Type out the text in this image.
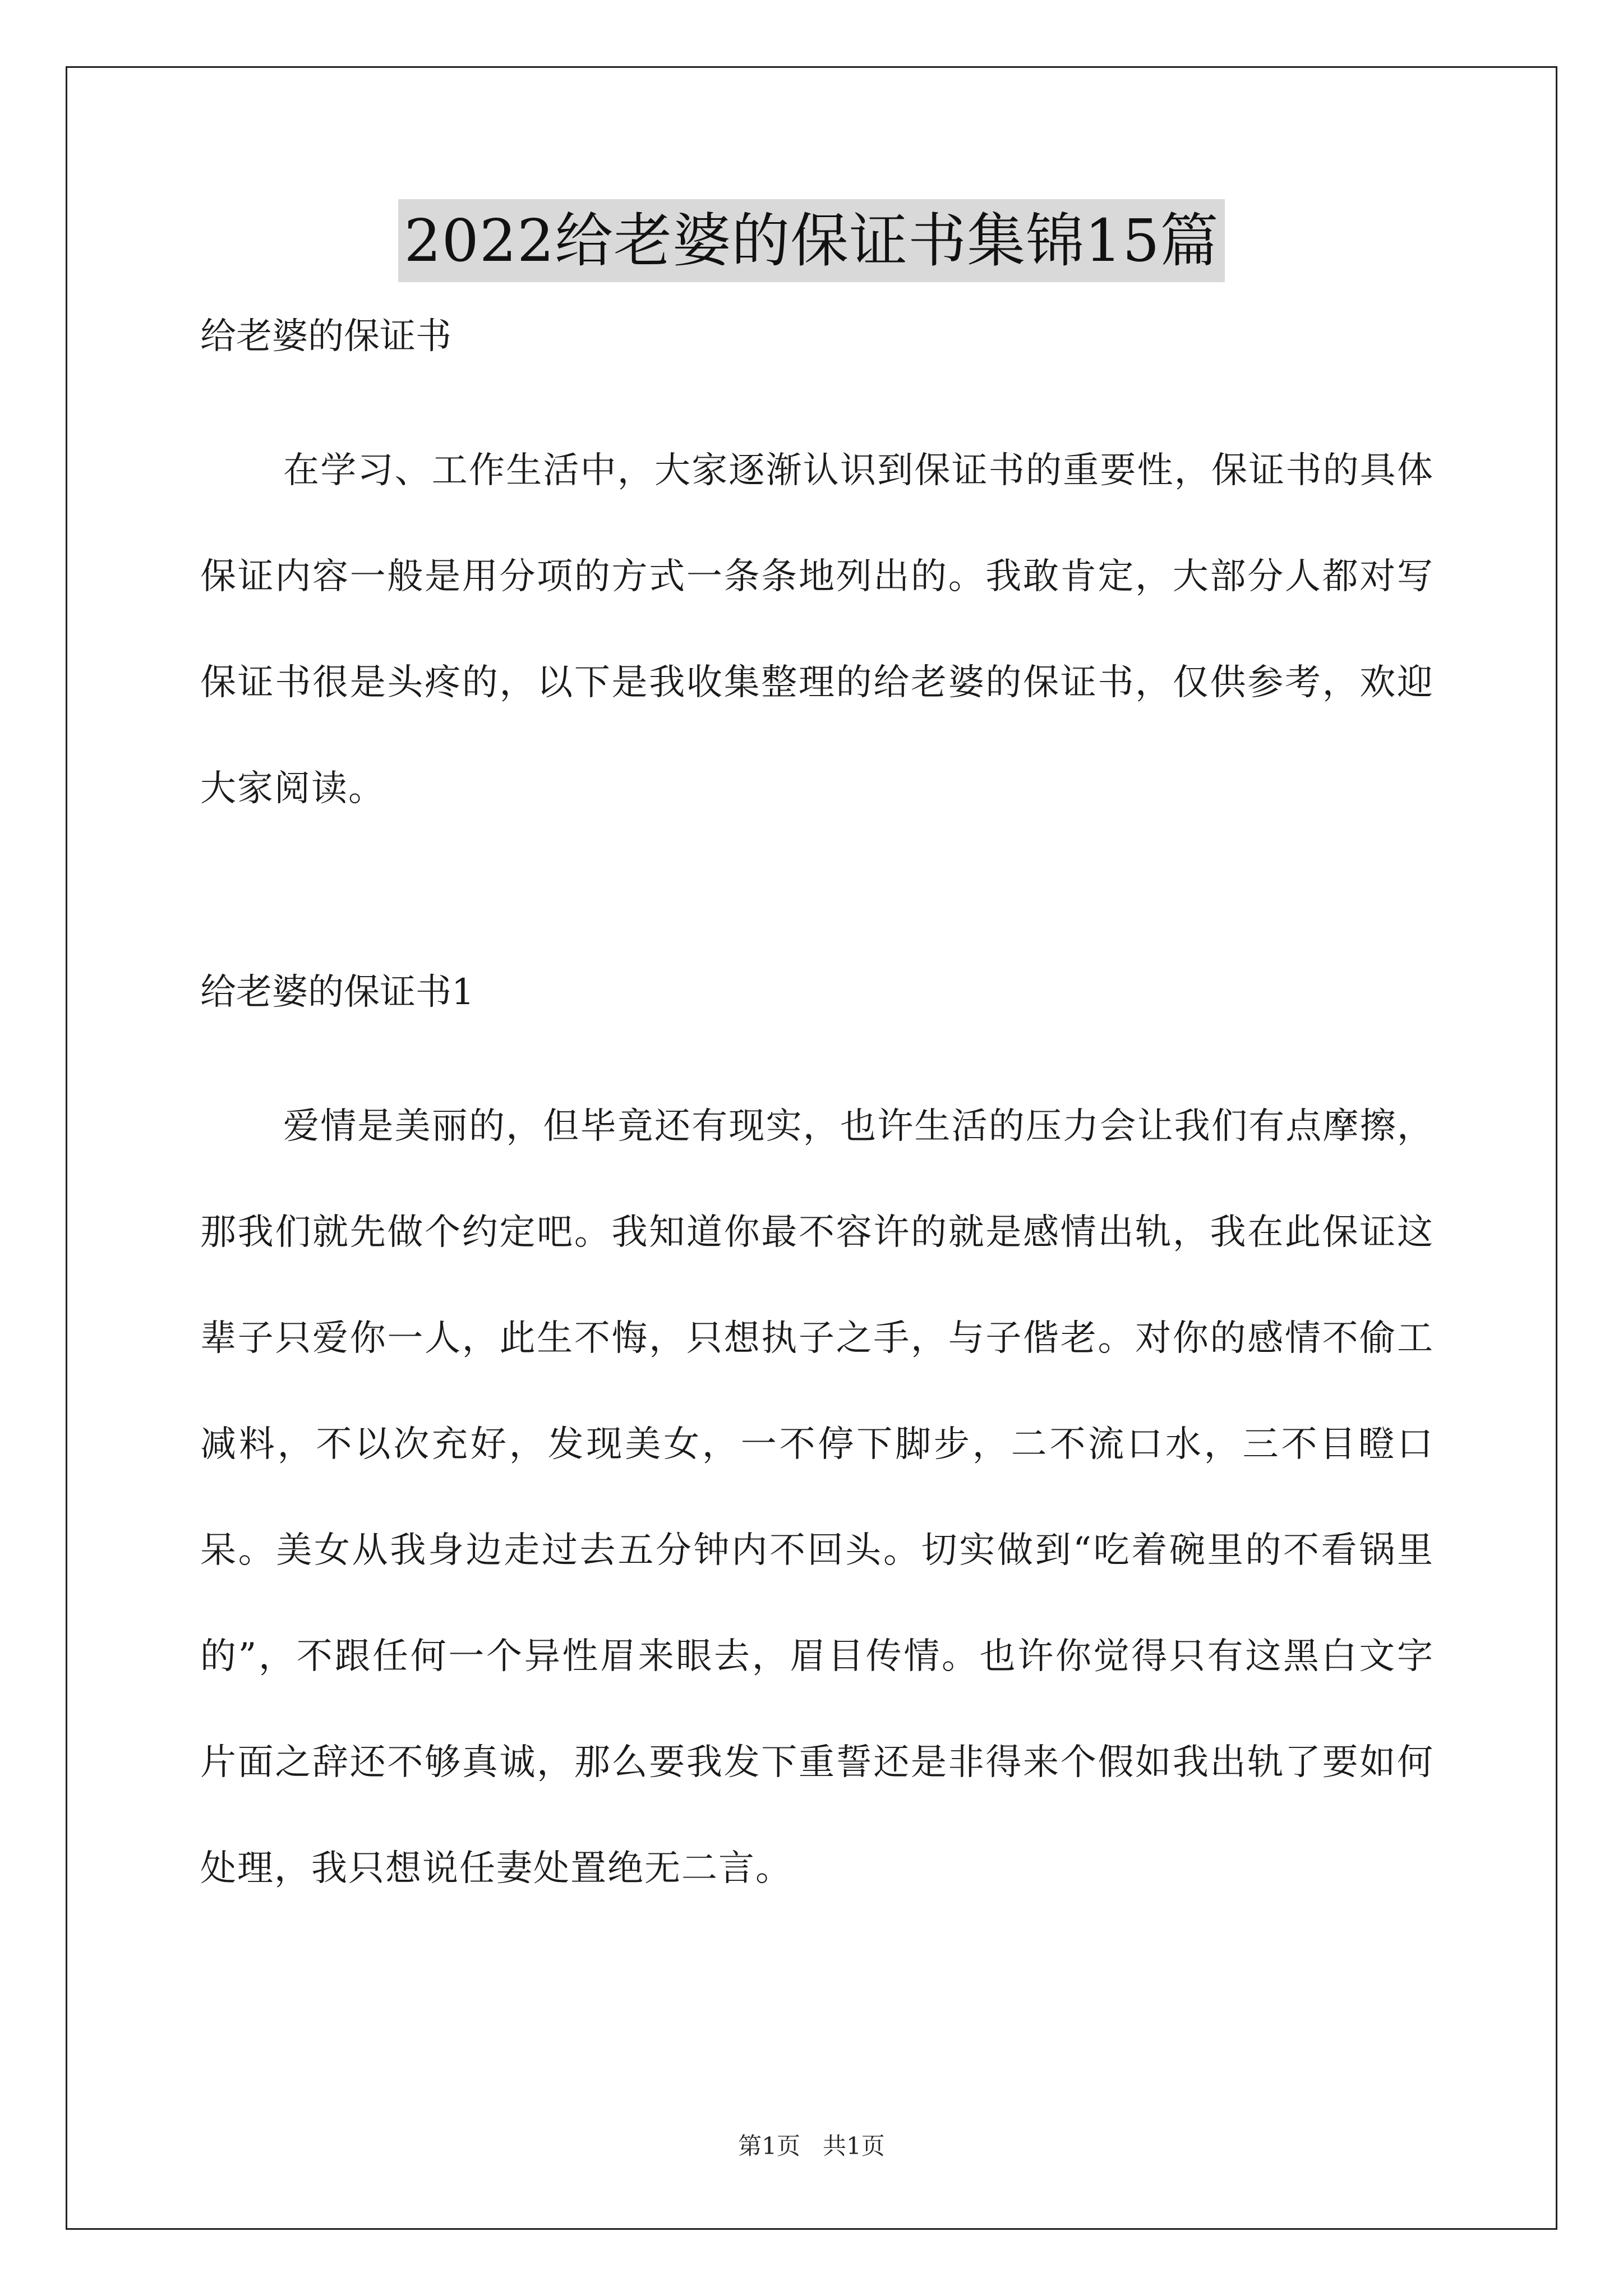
2022给老婆的保证书集锦15篇

给老婆的保证书

在学习、工作生活中，大家逐渐认识到保证书的重要性，保证书的具体保证内容一般是用分项的方式一条条地列出的。我敢肯定，大部分人都对写保证书很是头疼的，以下是我收集整理的给老婆的保证书，仅供参考，欢迎大家阅读。

给老婆的保证书1

爱情是美丽的，但毕竟还有现实，也许生活的压力会让我们有点摩擦，那我们就先做个约定吧。我知道你最不容许的就是感情出轨，我在此保证这辈子只爱你一人，此生不悔，只想执子之手，与子偕老。对你的感情不偷工减料，不以次充好，发现美女，一不停下脚步，二不流口水，三不目瞪口呆。美女从我身边走过去五分钟内不回头。切实做到“吃着碗里的不看锅里的”，不跟任何一个异性眉来眼去，眉目传情。也许你觉得只有这黑白文字片面之辞还不够真诚，那么要我发下重誓还是非得来个假如我出轨了要如何处理，我只想说任妻处置绝无二言。

第1页   共1页
